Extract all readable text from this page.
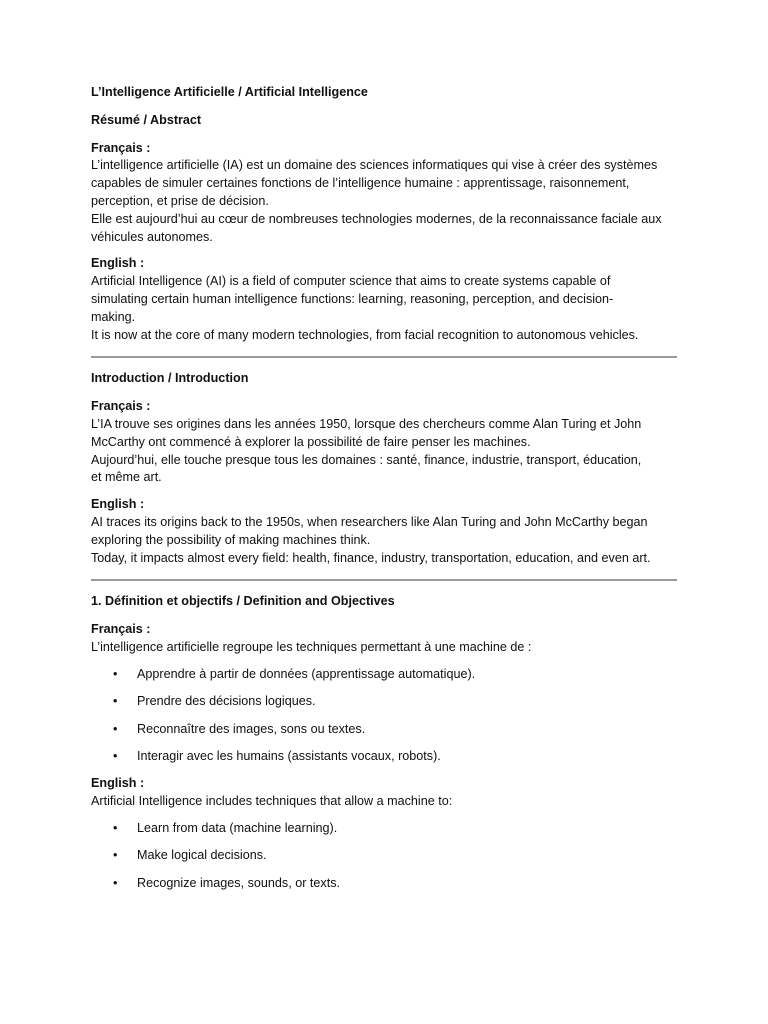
L’Intelligence Artificielle / Artificial Intelligence

Résumé / Abstract

Français :

L’intelligence artificielle (IA) est un domaine des sciences informatiques qui vise à créer des systèmes

capables de simuler certaines fonctions de l’intelligence humaine : apprentissage, raisonnement,

perception, et prise de décision.

Elle est aujourd’hui au cœur de nombreuses technologies modernes, de la reconnaissance faciale aux

véhicules autonomes.

English :

Artificial Intelligence (AI) is a field of computer science that aims to create systems capable of

simulating certain human intelligence functions: learning, reasoning, perception, and decision-

making.

It is now at the core of many modern technologies, from facial recognition to autonomous vehicles.

Introduction / Introduction

Français :

L’IA trouve ses origines dans les années 1950, lorsque des chercheurs comme Alan Turing et John

McCarthy ont commencé à explorer la possibilité de faire penser les machines.

Aujourd’hui, elle touche presque tous les domaines : santé, finance, industrie, transport, éducation,

et même art.

English :

AI traces its origins back to the 1950s, when researchers like Alan Turing and John McCarthy began

exploring the possibility of making machines think.

Today, it impacts almost every field: health, finance, industry, transportation, education, and even art.

1. Définition et objectifs / Definition and Objectives

Français :

L’intelligence artificielle regroupe les techniques permettant à une machine de :

• Apprendre à partir de données (apprentissage automatique).
• Prendre des décisions logiques.
• Reconnaître des images, sons ou textes.
• Interagir avec les humains (assistants vocaux, robots).

English :

Artificial Intelligence includes techniques that allow a machine to:

• Learn from data (machine learning).
• Make logical decisions.
• Recognize images, sounds, or texts.
